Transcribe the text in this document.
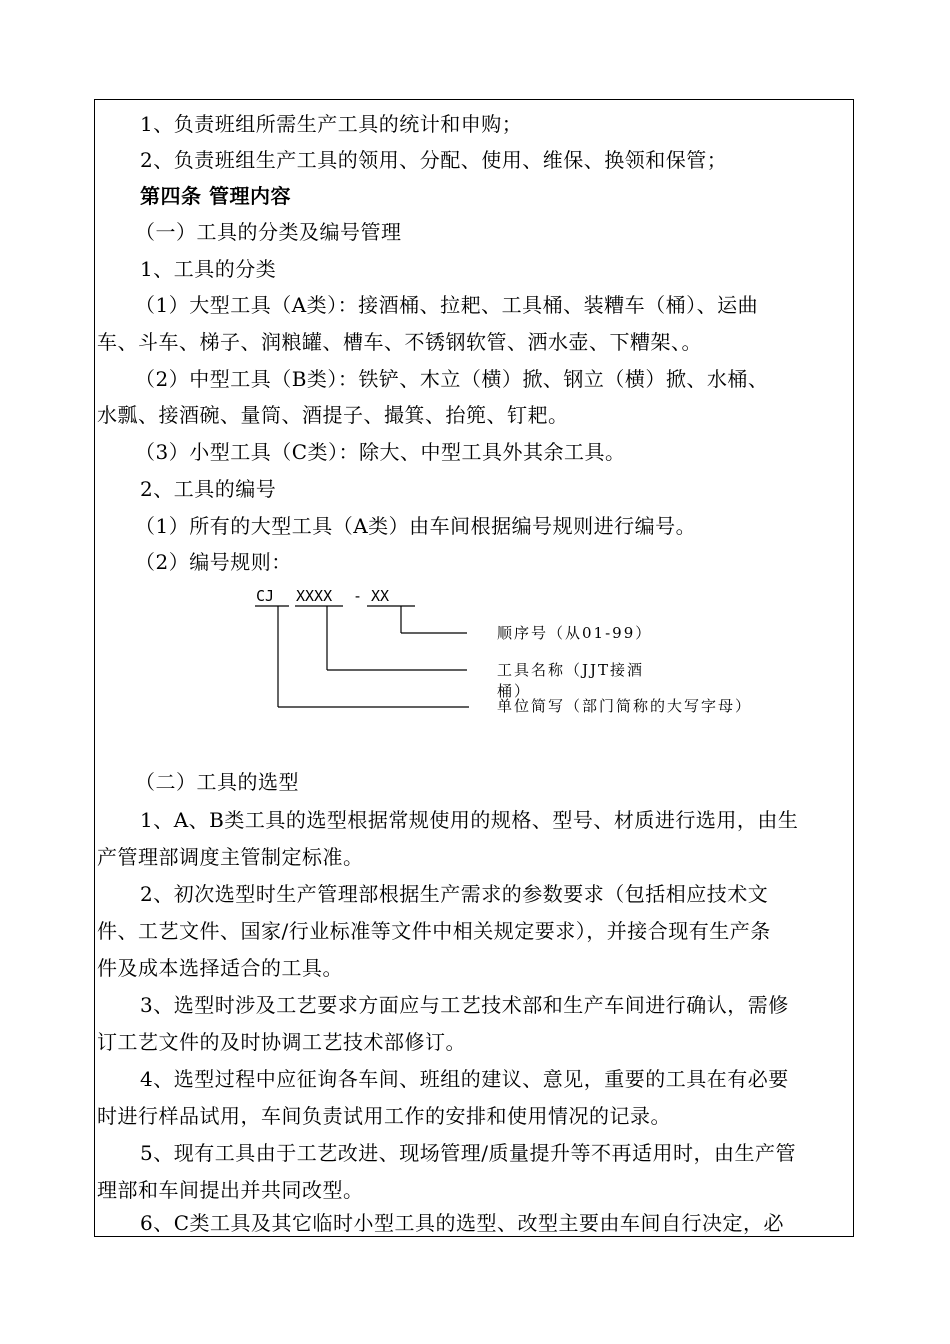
1、负责班组所需生产工具的统计和申购；
2、负责班组生产工具的领用、分配、使用、维保、换领和保管；
第四条 管理内容
（一）工具的分类及编号管理
1、工具的分类
（1）大型工具（A类）：接酒桶、拉耙、工具桶、装糟车（桶）、运曲
车、斗车、梯子、润粮罐、槽车、不锈钢软管、洒水壶、下糟架、。
（2）中型工具（B类）：铁铲、木立（横）掀、钢立（横）掀、水桶、
水瓢、接酒碗、量筒、酒提子、撮箕、抬篼、钉耙。
（3）小型工具（C类）：除大、中型工具外其余工具。
2、工具的编号
（1）所有的大型工具（A类）由车间根据编号规则进行编号。
（2）编号规则：
CJ XXXX - XX
顺序号（从01-99）
工具名称（JJT接酒
桶）
单位简写（部门简称的大写字母）
（二）工具的选型
1、A、B类工具的选型根据常规使用的规格、型号、材质进行选用，由生
产管理部调度主管制定标准。
2、初次选型时生产管理部根据生产需求的参数要求（包括相应技术文
件、工艺文件、国家/行业标准等文件中相关规定要求），并接合现有生产条
件及成本选择适合的工具。
3、选型时涉及工艺要求方面应与工艺技术部和生产车间进行确认，需修
订工艺文件的及时协调工艺技术部修订。
4、选型过程中应征询各车间、班组的建议、意见，重要的工具在有必要
时进行样品试用，车间负责试用工作的安排和使用情况的记录。
5、现有工具由于工艺改进、现场管理/质量提升等不再适用时，由生产管
理部和车间提出并共同改型。
6、C类工具及其它临时小型工具的选型、改型主要由车间自行决定，必
